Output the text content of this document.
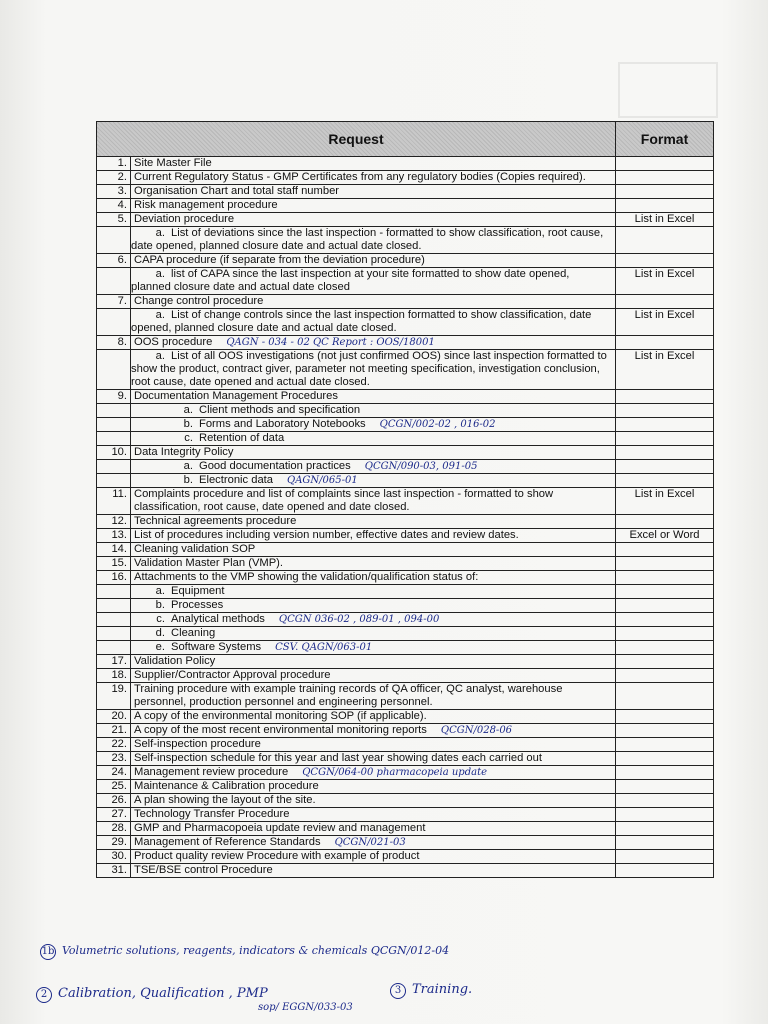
Request		Format
1.	Site Master File	
2.	Current Regulatory Status - GMP Certificates from any regulatory bodies (Copies required).	
3.	Organisation Chart and total staff number	
4.	Risk management procedure	
5.	Deviation procedure	List in Excel
	a. List of deviations since the last inspection - formatted to show classification, root cause, date opened, planned closure date and actual date closed.	
6.	CAPA procedure (if separate from the deviation procedure)	
	a. list of CAPA since the last inspection at your site formatted to show date opened, planned closure date and actual date closed	List in Excel
7.	Change control procedure	
	a. List of change controls since the last inspection formatted to show classification, date opened, planned closure date and actual date closed.	List in Excel
8.	OOS procedure QAGN - 034 - 02 QC Report : OOS/18001	
	a. List of all OOS investigations (not just confirmed OOS) since last inspection formatted to show the product, contract giver, parameter not meeting specification, investigation conclusion, root cause, date opened and actual date closed.	List in Excel
9.	Documentation Management Procedures	
	a. Client methods and specification	
	b. Forms and Laboratory Notebooks QCGN/002-02 , 016-02	
	c. Retention of data	
10.	Data Integrity Policy	
	a. Good documentation practices QCGN/090-03, 091-05	
	b. Electronic data QAGN/065-01	
11.	Complaints procedure and list of complaints since last inspection - formatted to show classification, root cause, date opened and date closed.	List in Excel
12.	Technical agreements procedure	
13.	List of procedures including version number, effective dates and review dates.	Excel or Word
14.	Cleaning validation SOP	
15.	Validation Master Plan (VMP).	
16.	Attachments to the VMP showing the validation/qualification status of:	
	a. Equipment	
	b. Processes	
	c. Analytical methods QCGN 036-02 , 089-01 , 094-00	
	d. Cleaning	
	e. Software Systems CSV. QAGN/063-01	
17.	Validation Policy	
18.	Supplier/Contractor Approval procedure	
19.	Training procedure with example training records of QA officer, QC analyst, warehouse personnel, production personnel and engineering personnel.	
20.	A copy of the environmental monitoring SOP (if applicable).	
21.	A copy of the most recent environmental monitoring reports QCGN/028-06	
22.	Self-inspection procedure	
23.	Self-inspection schedule for this year and last year showing dates each carried out	
24.	Management review procedure QCGN/064-00 pharmacopeia update	
25.	Maintenance & Calibration procedure	
26.	A plan showing the layout of the site.	
27.	Technology Transfer Procedure	
28.	GMP and Pharmacopoeia update review and management	
29.	Management of Reference Standards QCGN/021-03	
30.	Product quality review Procedure with example of product	
31.	TSE/BSE control Procedure	
1b Volumetric solutions, reagents, indicators & chemicals QCGN/012-04
2 Calibration, Qualification , PMP	3 Training.
sop/ EGGN/033-03
